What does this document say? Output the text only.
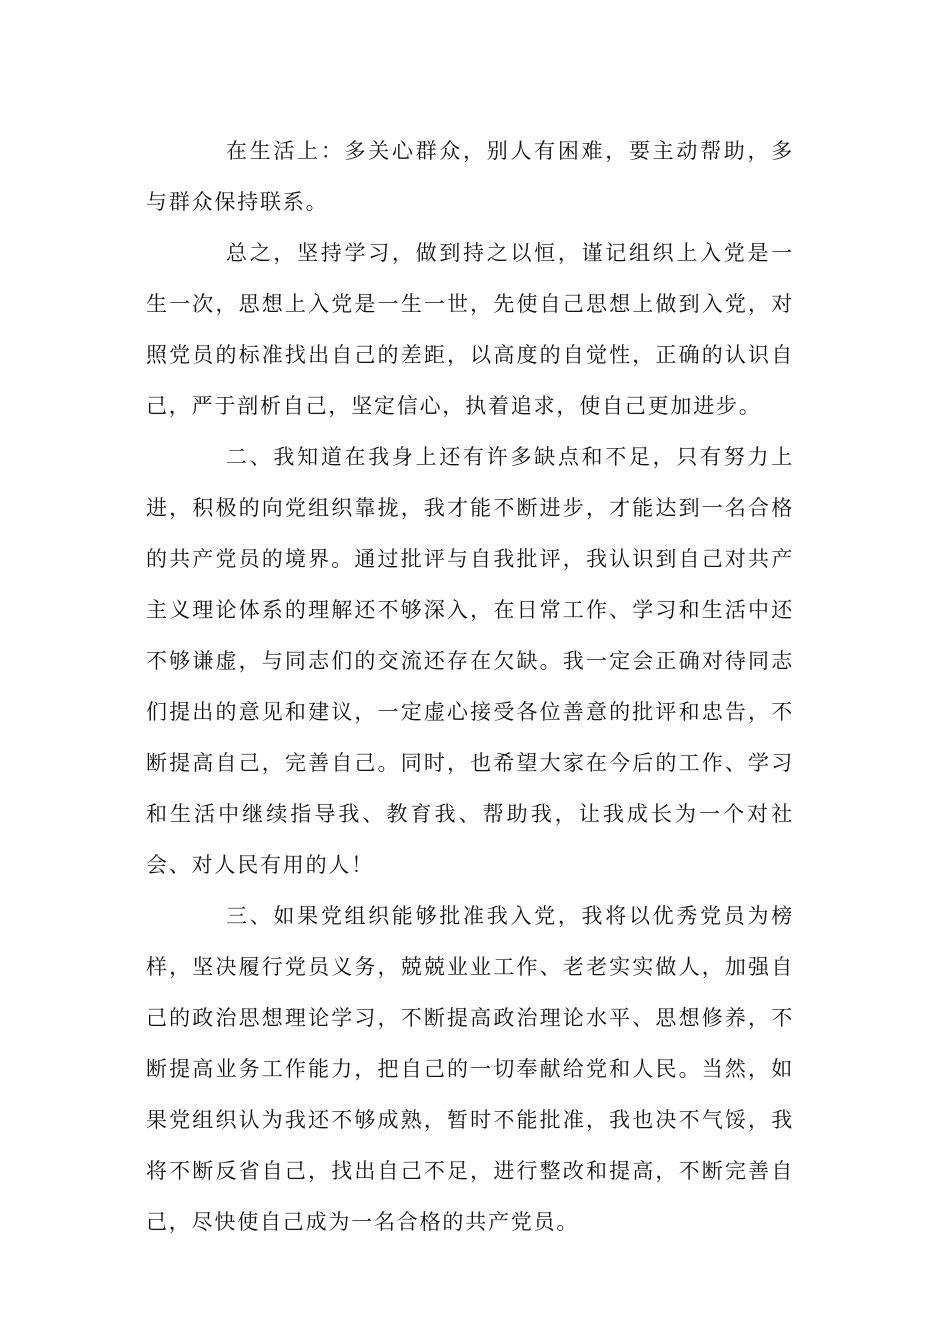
在生活上：多关心群众，别人有困难，要主动帮助，多与群众保持联系。

总之，坚持学习，做到持之以恒，谨记组织上入党是一生一次，思想上入党是一生一世，先使自己思想上做到入党，对照党员的标准找出自己的差距，以高度的自觉性，正确的认识自己，严于剖析自己，坚定信心，执着追求，使自己更加进步。

二、我知道在我身上还有许多缺点和不足，只有努力上进，积极的向党组织靠拢，我才能不断进步，才能达到一名合格的共产党员的境界。通过批评与自我批评，我认识到自己对共产主义理论体系的理解还不够深入，在日常工作、学习和生活中还不够谦虚，与同志们的交流还存在欠缺。我一定会正确对待同志们提出的意见和建议，一定虚心接受各位善意的批评和忠告，不断提高自己，完善自己。同时，也希望大家在今后的工作、学习和生活中继续指导我、教育我、帮助我，让我成长为一个对社会、对人民有用的人！

三、如果党组织能够批准我入党，我将以优秀党员为榜样，坚决履行党员义务，兢兢业业工作、老老实实做人，加强自己的政治思想理论学习，不断提高政治理论水平、思想修养，不断提高业务工作能力，把自己的一切奉献给党和人民。当然，如果党组织认为我还不够成熟，暂时不能批准，我也决不气馁，我将不断反省自己，找出自己不足，进行整改和提高，不断完善自己，尽快使自己成为一名合格的共产党员。
